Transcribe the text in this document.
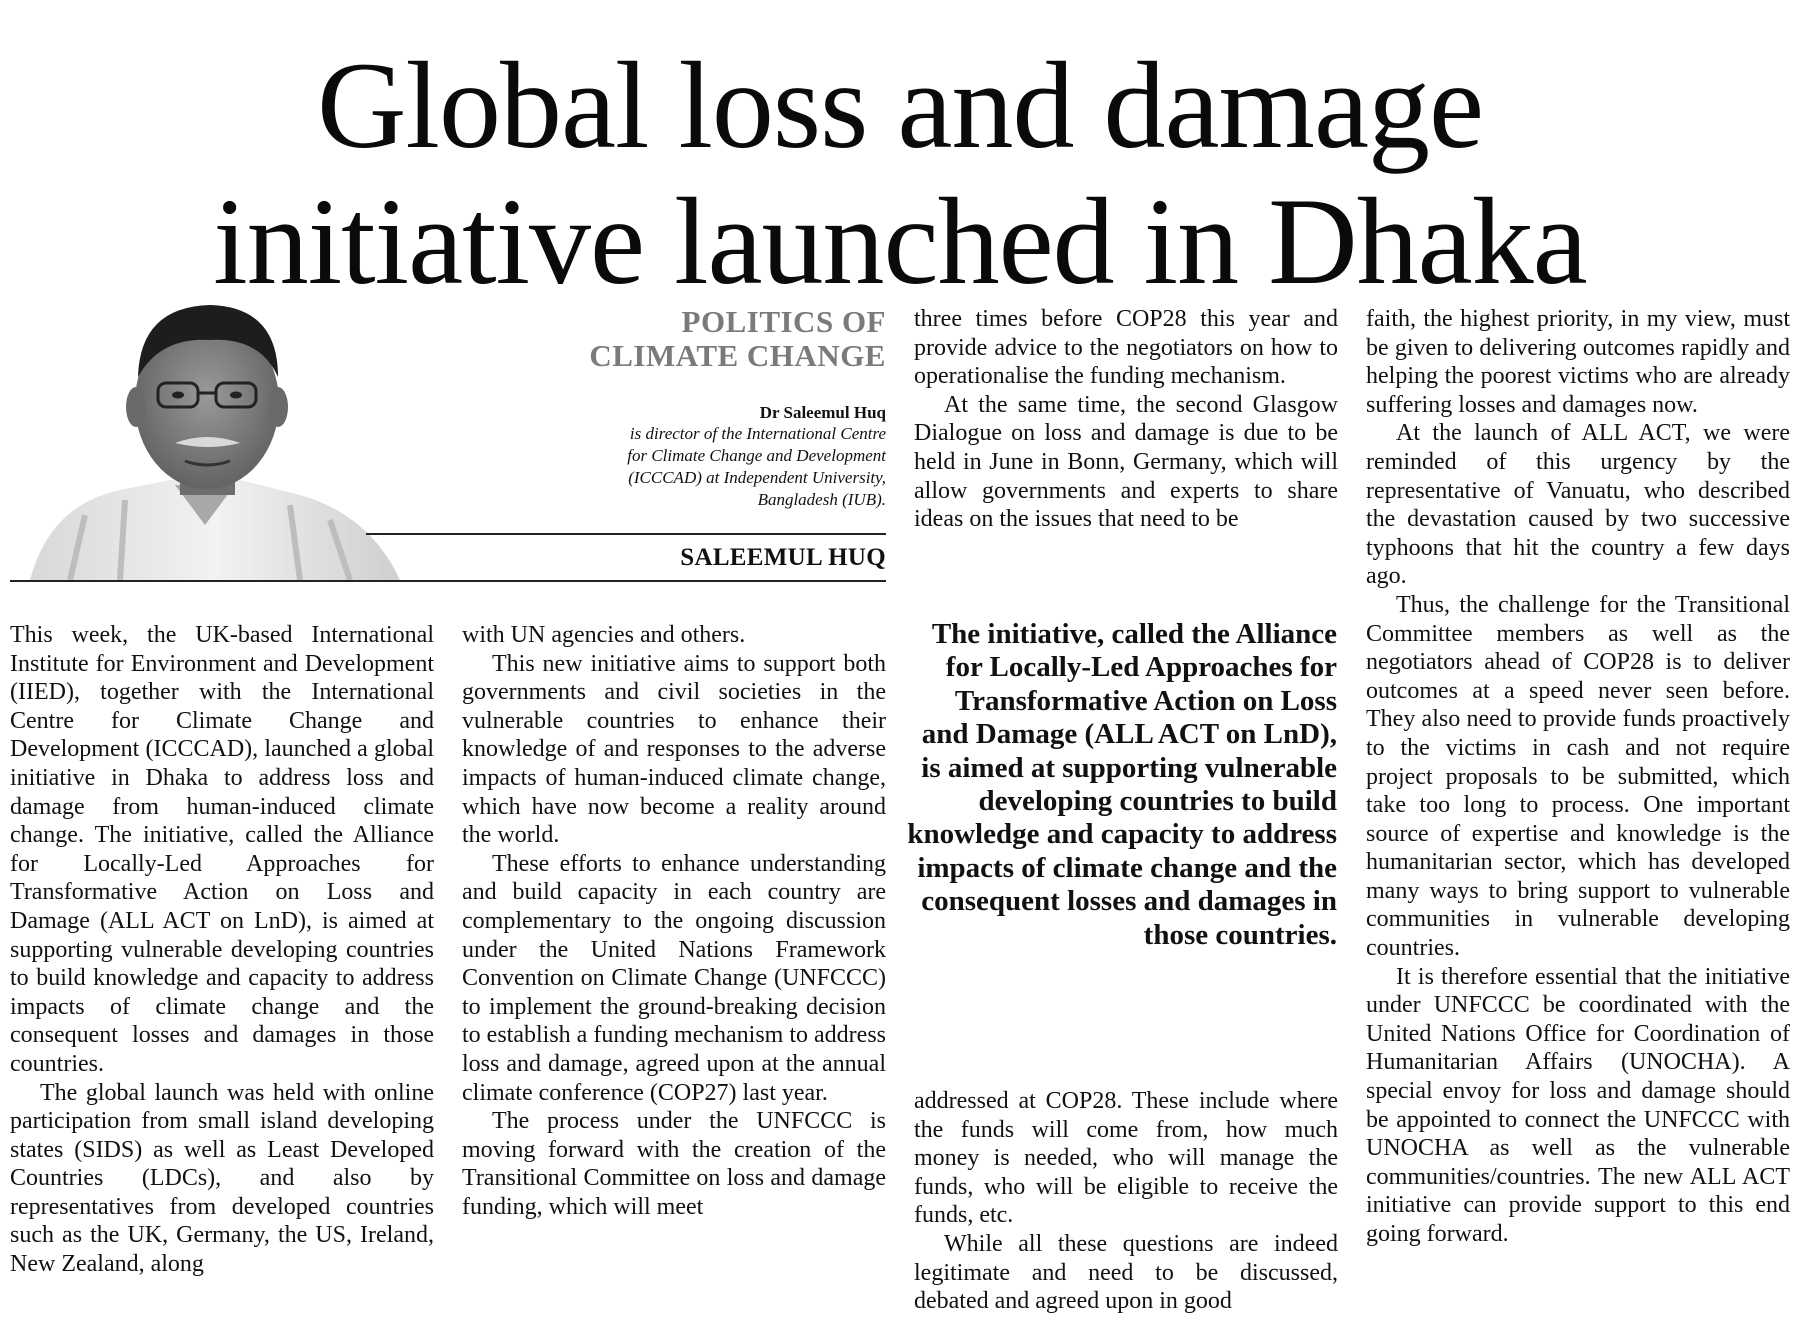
Global loss and damage
initiative launched in Dhaka
POLITICS OF
CLIMATE CHANGE
Dr Saleemul Huq
is director of the International Centre
for Climate Change and Development
(ICCCAD) at Independent University,
Bangladesh (IUB).
SALEEMUL HUQ

This week, the UK-based International Institute for Environment and Development (IIED), together with the International Centre for Climate Change and Development (ICCCAD), launched a global initiative in Dhaka to address loss and damage from human-induced climate change. The initiative, called the Alliance for Locally-Led Approaches for Transformative Action on Loss and Damage (ALL ACT on LnD), is aimed at supporting vulnerable developing countries to build knowledge and capacity to address impacts of climate change and the consequent losses and damages in those countries.

The global launch was held with online participation from small island developing states (SIDS) as well as Least Developed Countries (LDCs), and also by representatives from developed countries such as the UK, Germany, the US, Ireland, New Zealand, along

with UN agencies and others.

This new initiative aims to support both governments and civil societies in the vulnerable countries to enhance their knowledge of and responses to the adverse impacts of human-induced climate change, which have now become a reality around the world.

These efforts to enhance understanding and build capacity in each country are complementary to the ongoing discussion under the United Nations Framework Convention on Climate Change (UNFCCC) to implement the ground-breaking decision to establish a funding mechanism to address loss and damage, agreed upon at the annual climate conference (COP27) last year.

The process under the UNFCCC is moving forward with the creation of the Transitional Committee on loss and damage funding, which will meet

three times before COP28 this year and provide advice to the negotiators on how to operationalise the funding mechanism.

At the same time, the second Glasgow Dialogue on loss and damage is due to be held in June in Bonn, Germany, which will allow governments and experts to share ideas on the issues that need to be

The initiative, called the Alliance for Locally-Led Approaches for Transformative Action on Loss and Damage (ALL ACT on LnD), is aimed at supporting vulnerable developing countries to build knowledge and capacity to address impacts of climate change and the consequent losses and damages in those countries.

addressed at COP28. These include where the funds will come from, how much money is needed, who will manage the funds, who will be eligible to receive the funds, etc.

While all these questions are indeed legitimate and need to be discussed, debated and agreed upon in good

faith, the highest priority, in my view, must be given to delivering outcomes rapidly and helping the poorest victims who are already suffering losses and damages now.

At the launch of ALL ACT, we were reminded of this urgency by the representative of Vanuatu, who described the devastation caused by two successive typhoons that hit the country a few days ago.

Thus, the challenge for the Transitional Committee members as well as the negotiators ahead of COP28 is to deliver outcomes at a speed never seen before. They also need to provide funds proactively to the victims in cash and not require project proposals to be submitted, which take too long to process. One important source of expertise and knowledge is the humanitarian sector, which has developed many ways to bring support to vulnerable communities in vulnerable developing countries.

It is therefore essential that the initiative under UNFCCC be coordinated with the United Nations Office for Coordination of Humanitarian Affairs (UNOCHA). A special envoy for loss and damage should be appointed to connect the UNFCCC with UNOCHA as well as the vulnerable communities/countries. The new ALL ACT initiative can provide support to this end going forward.
